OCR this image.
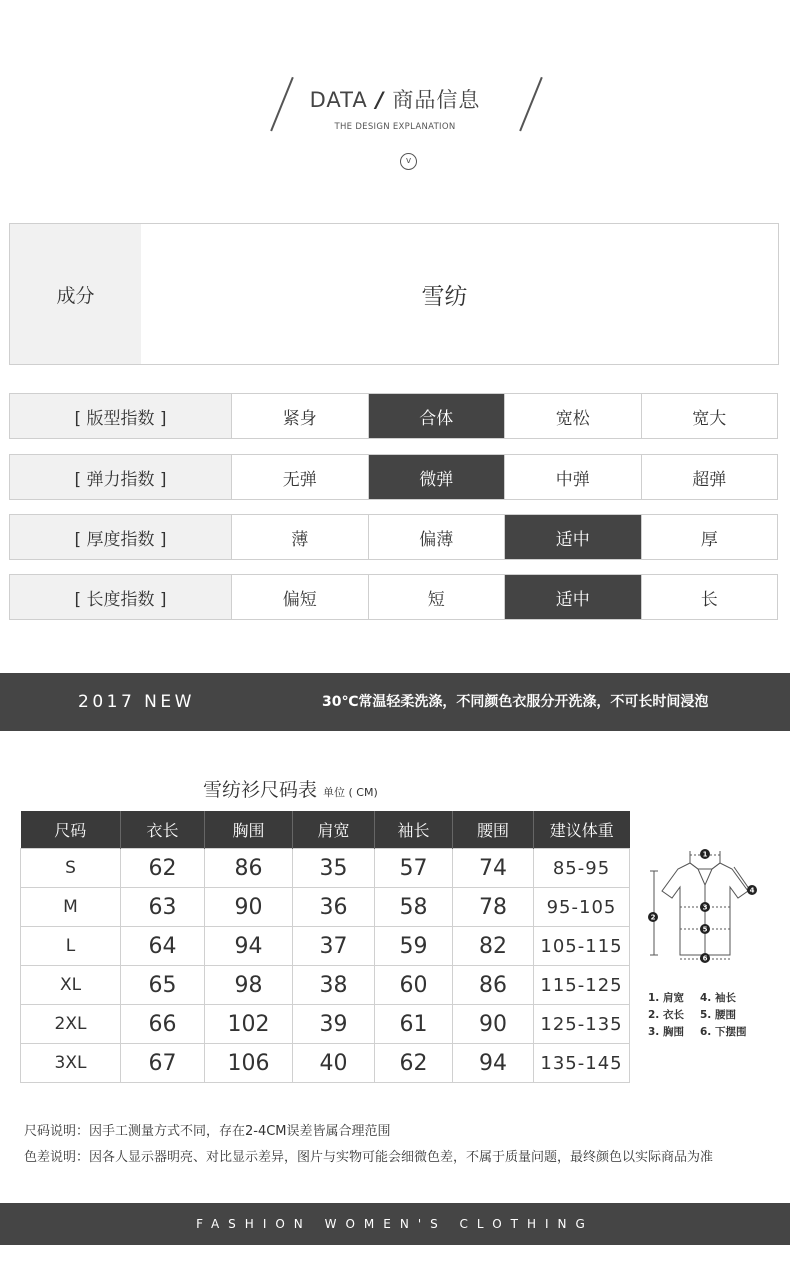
DATA / 商品信息
THE DESIGN EXPLANATION
v
成分	雪纺
[ 版型指数 ]	紧身	合体	宽松	宽大
[ 弹力指数 ]	无弹	微弹	中弹	超弹
[ 厚度指数 ]	薄	偏薄	适中	厚
[ 长度指数 ]	偏短	短	适中	长
2017 NEW	30℃常温轻柔洗涤，不同颜色衣服分开洗涤，不可长时间浸泡
雪纺衫尺码表 单位 ( CM)
尺码	衣长	胸围	肩宽	袖长	腰围	建议体重
S	62	86	35	57	74	85-95
M	63	90	36	58	78	95-105
L	64	94	37	59	82	105-115
XL	65	98	38	60	86	115-125
2XL	66	102	39	61	90	125-135
3XL	67	106	40	62	94	135-145
1
2
3
4
5
6
1. 肩宽	4. 袖长
2. 衣长	5. 腰围
3. 胸围	6. 下摆围
尺码说明：因手工测量方式不同，存在2-4CM误差皆属合理范围
色差说明：因各人显示器明亮、对比显示差异，图片与实物可能会细微色差，不属于质量问题，最终颜色以实际商品为准
FASHION WOMEN'S CLOTHING
